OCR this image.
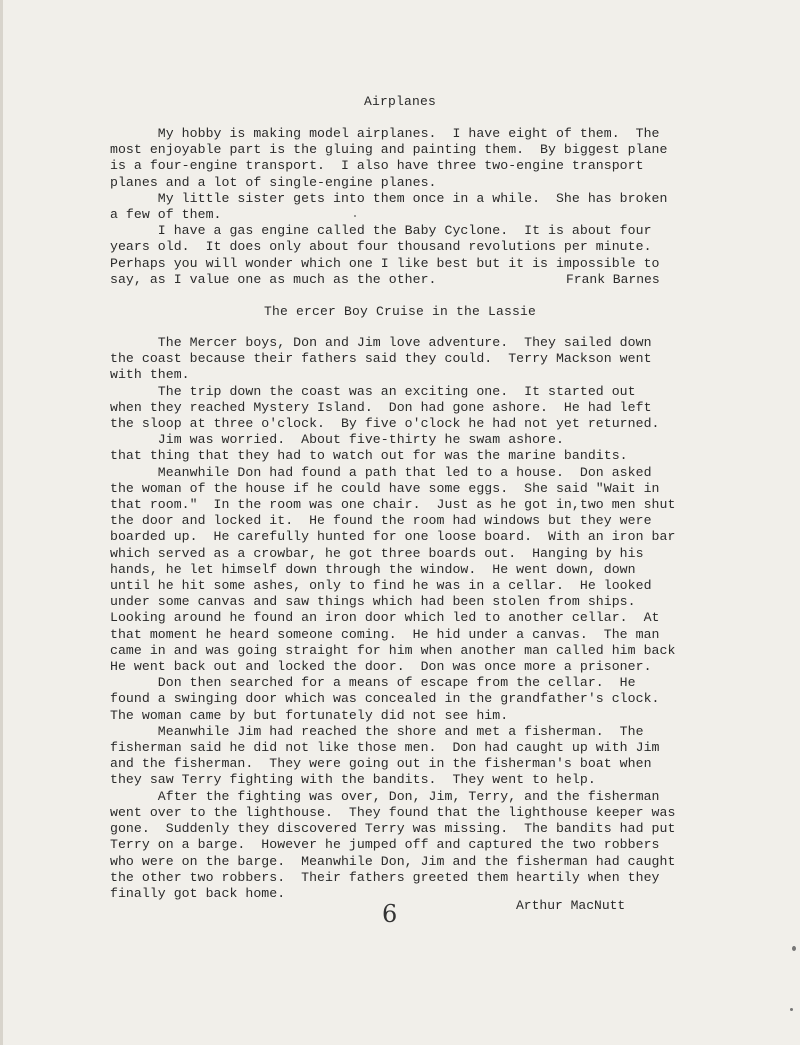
Airplanes
My hobby is making model airplanes.  I have eight of them.  The
most enjoyable part is the gluing and painting them.  By biggest plane
is a four-engine transport.  I also have three two-engine transport
planes and a lot of single-engine planes.
My little sister gets into them once in a while.  She has broken
a few of them.
I have a gas engine called the Baby Cyclone.  It is about four
years old.  It does only about four thousand revolutions per minute.
Perhaps you will wonder which one I like best but it is impossible to
say, as I value one as much as the other.	Frank Barnes
The ercer Boy Cruise in the Lassie
The Mercer boys, Don and Jim love adventure.  They sailed down
the coast because their fathers said they could.  Terry Mackson went
with them.
The trip down the coast was an exciting one.  It started out
when they reached Mystery Island.  Don had gone ashore.  He had left
the sloop at three o'clock.  By five o'clock he had not yet returned.
Jim was worried.  About five-thirty he swam ashore.
that thing that they had to watch out for was the marine bandits.
Meanwhile Don had found a path that led to a house.  Don asked
the woman of the house if he could have some eggs.  She said "Wait in
that room."  In the room was one chair.  Just as he got in,two men shut
the door and locked it.  He found the room had windows but they were
boarded up.  He carefully hunted for one loose board.  With an iron bar
which served as a crowbar, he got three boards out.  Hanging by his
hands, he let himself down through the window.  He went down, down
until he hit some ashes, only to find he was in a cellar.  He looked
under some canvas and saw things which had been stolen from ships.
Looking around he found an iron door which led to another cellar.  At
that moment he heard someone coming.  He hid under a canvas.  The man
came in and was going straight for him when another man called him back
He went back out and locked the door.  Don was once more a prisoner.
Don then searched for a means of escape from the cellar.  He
found a swinging door which was concealed in the grandfather's clock.
The woman came by but fortunately did not see him.
Meanwhile Jim had reached the shore and met a fisherman.  The
fisherman said he did not like those men.  Don had caught up with Jim
and the fisherman.  They were going out in the fisherman's boat when
they saw Terry fighting with the bandits.  They went to help.
After the fighting was over, Don, Jim, Terry, and the fisherman
went over to the lighthouse.  They found that the lighthouse keeper was
gone.  Suddenly they discovered Terry was missing.  The bandits had put
Terry on a barge.  However he jumped off and captured the two robbers
who were on the barge.  Meanwhile Don, Jim and the fisherman had caught
the other two robbers.  Their fathers greeted them heartily when they
finally got back home.
Arthur MacNutt
6
